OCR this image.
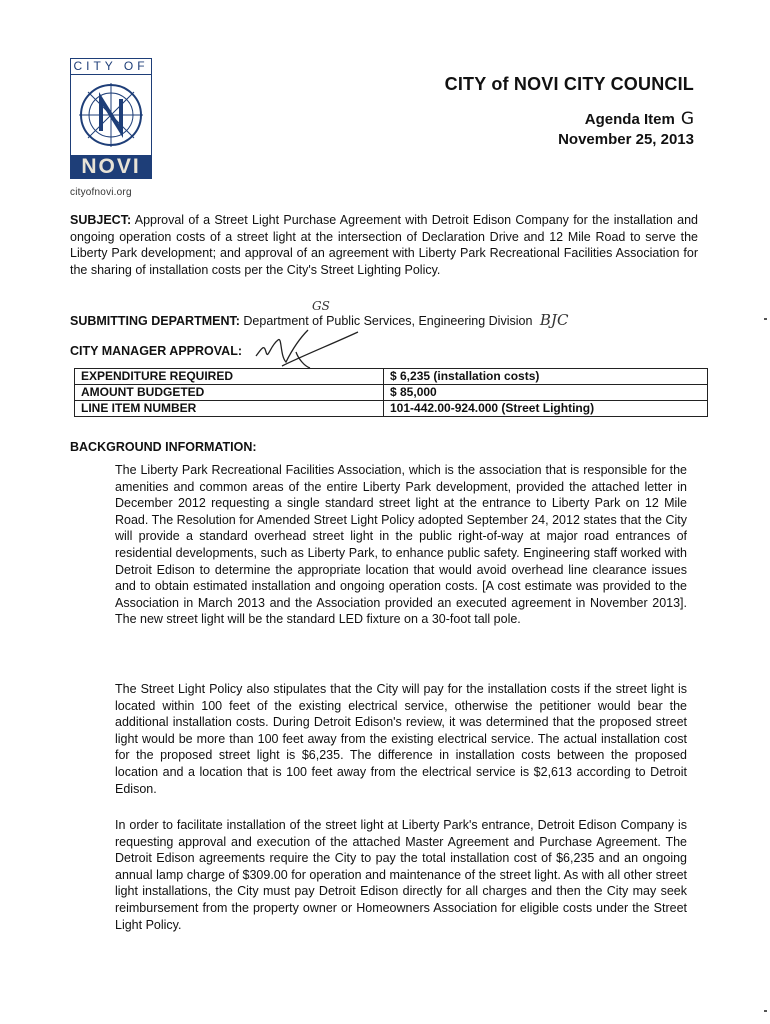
CITY OF
NOVI
cityofnovi.org
CITY of NOVI CITY COUNCIL
Agenda Item G
November 25, 2013
SUBJECT: Approval of a Street Light Purchase Agreement with Detroit Edison Company for the installation and ongoing operation costs of a street light at the intersection of Declaration Drive and 12 Mile Road to serve the Liberty Park development; and approval of an agreement with Liberty Park Recreational Facilities Association for the sharing of installation costs per the City's Street Lighting Policy.
GS
SUBMITTING DEPARTMENT: Department of Public Services, Engineering Division BJC
CITY MANAGER APPROVAL:
EXPENDITURE REQUIRED	$ 6,235 (installation costs)
AMOUNT BUDGETED	$ 85,000
LINE ITEM NUMBER	101-442.00-924.000 (Street Lighting)
BACKGROUND INFORMATION:
The Liberty Park Recreational Facilities Association, which is the association that is responsible for the amenities and common areas of the entire Liberty Park development, provided the attached letter in December 2012 requesting a single standard street light at the entrance to Liberty Park on 12 Mile Road. The Resolution for Amended Street Light Policy adopted September 24, 2012 states that the City will provide a standard overhead street light in the public right-of-way at major road entrances of residential developments, such as Liberty Park, to enhance public safety. Engineering staff worked with Detroit Edison to determine the appropriate location that would avoid overhead line clearance issues and to obtain estimated installation and ongoing operation costs. [A cost estimate was provided to the Association in March 2013 and the Association provided an executed agreement in November 2013]. The new street light will be the standard LED fixture on a 30-foot tall pole.
The Street Light Policy also stipulates that the City will pay for the installation costs if the street light is located within 100 feet of the existing electrical service, otherwise the petitioner would bear the additional installation costs. During Detroit Edison's review, it was determined that the proposed street light would be more than 100 feet away from the existing electrical service. The actual installation cost for the proposed street light is $6,235. The difference in installation costs between the proposed location and a location that is 100 feet away from the electrical service is $2,613 according to Detroit Edison.
In order to facilitate installation of the street light at Liberty Park's entrance, Detroit Edison Company is requesting approval and execution of the attached Master Agreement and Purchase Agreement. The Detroit Edison agreements require the City to pay the total installation cost of $6,235 and an ongoing annual lamp charge of $309.00 for operation and maintenance of the street light. As with all other street light installations, the City must pay Detroit Edison directly for all charges and then the City may seek reimbursement from the property owner or Homeowners Association for eligible costs under the Street Light Policy.
